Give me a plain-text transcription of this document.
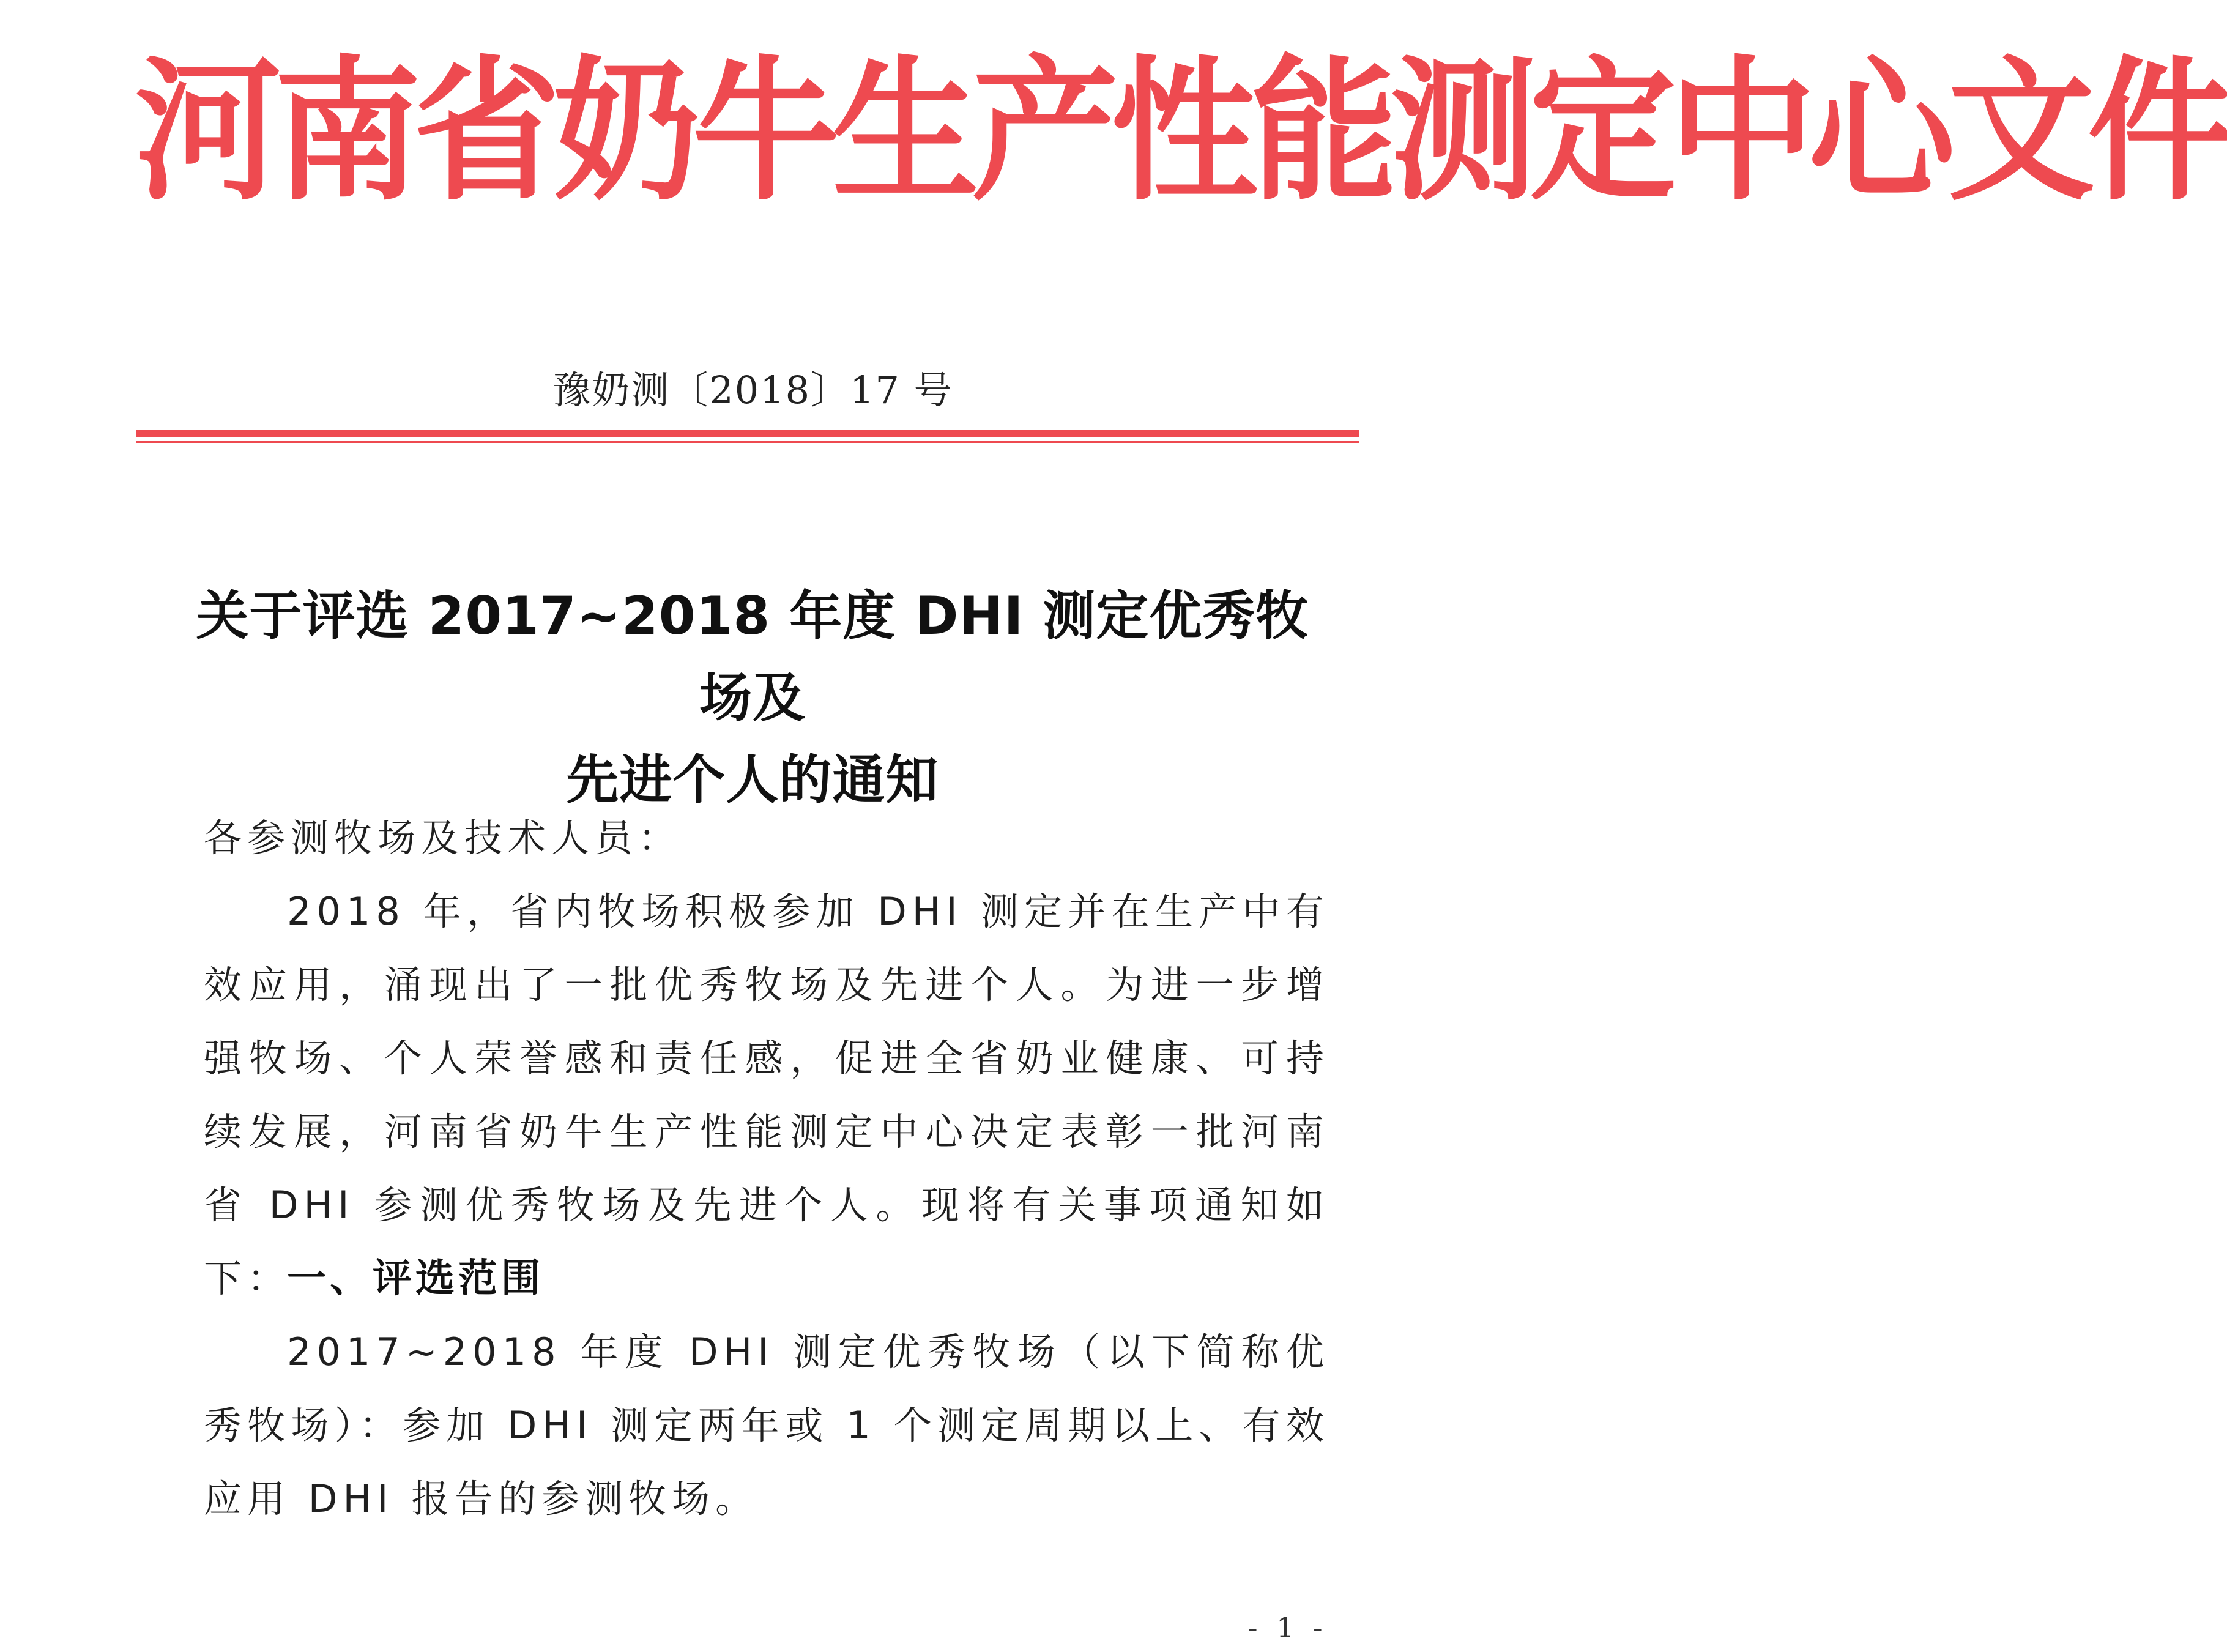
河南省奶牛生产性能测定中心文件
豫奶测〔2018〕17 号
关于评选 2017~2018 年度 DHI 测定优秀牧场及
先进个人的通知
各参测牧场及技术人员：
2018 年，省内牧场积极参加 DHI 测定并在生产中有效应用，涌现出了一批优秀牧场及先进个人。为进一步增强牧场、个人荣誉感和责任感，促进全省奶业健康、可持续发展，河南省奶牛生产性能测定中心决定表彰一批河南省 DHI 参测优秀牧场及先进个人。现将有关事项通知如下：
一、评选范围
2017~2018 年度 DHI 测定优秀牧场（以下简称优秀牧场）：参加 DHI 测定两年或 1 个测定周期以上、有效应用 DHI 报告的参测牧场。
- 1 -
